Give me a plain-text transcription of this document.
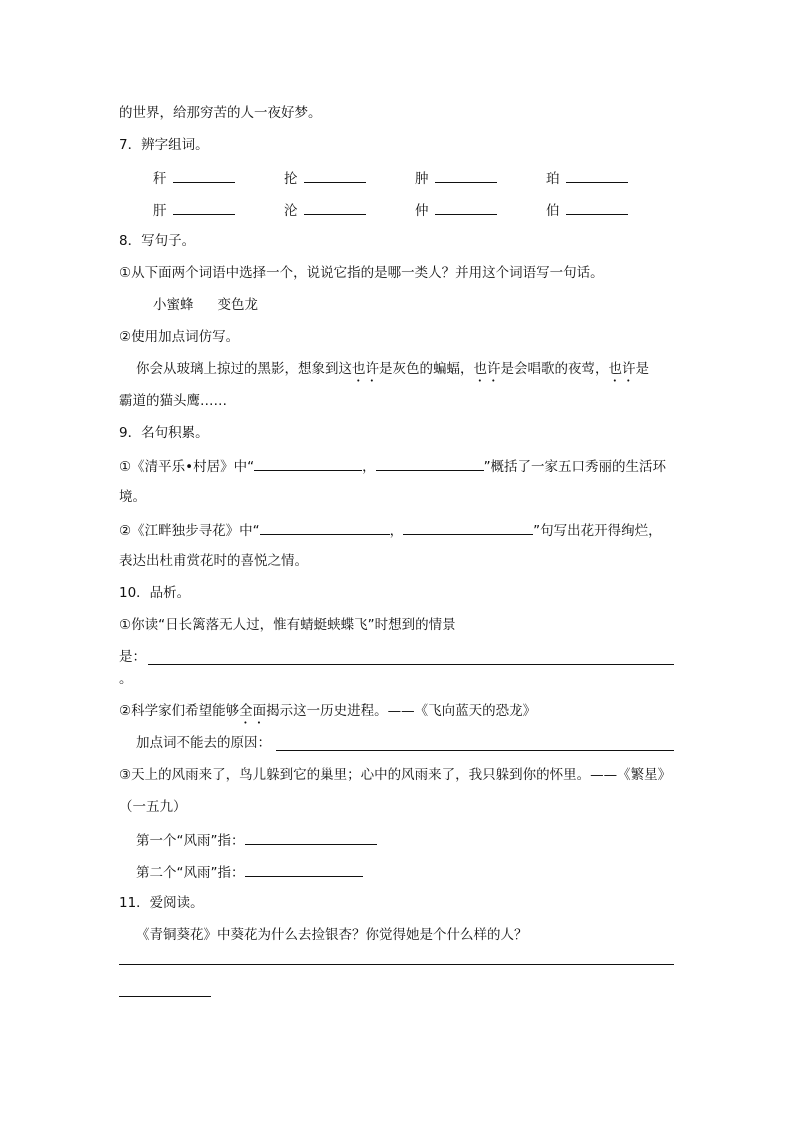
的世界，给那穷苦的人一夜好梦。
7．辨字组词。
秆	抡	肿	珀
肝	沦	仲	伯
8．写句子。
①从下面两个词语中选择一个，说说它指的是哪一类人？并用这个词语写一句话。
小蜜蜂 变色龙
②使用加点词仿写。
你会从玻璃上掠过的黑影，想象到这也许是灰色的蝙蝠，也许是会唱歌的夜莺，也许是
霸道的猫头鹰……
9．名句积累。
①《清平乐•村居》中“	，	”概括了一家五口秀丽的生活环
境。
②《江畔独步寻花》中“	，	”句写出花开得绚烂，
表达出杜甫赏花时的喜悦之情。
10．品析。
①你读“日长篱落无人过，惟有蜻蜓蛱蝶飞”时想到的情景
是：
。
②科学家们希望能够全面揭示这一历史进程。——《飞向蓝天的恐龙》
加点词不能去的原因：
③天上的风雨来了，鸟儿躲到它的巢里；心中的风雨来了，我只躲到你的怀里。——《繁星》
（一五九）
第一个“风雨”指：
第二个“风雨”指：
11．爱阅读。
《青铜葵花》中葵花为什么去捡银杏？你觉得她是个什么样的人？
